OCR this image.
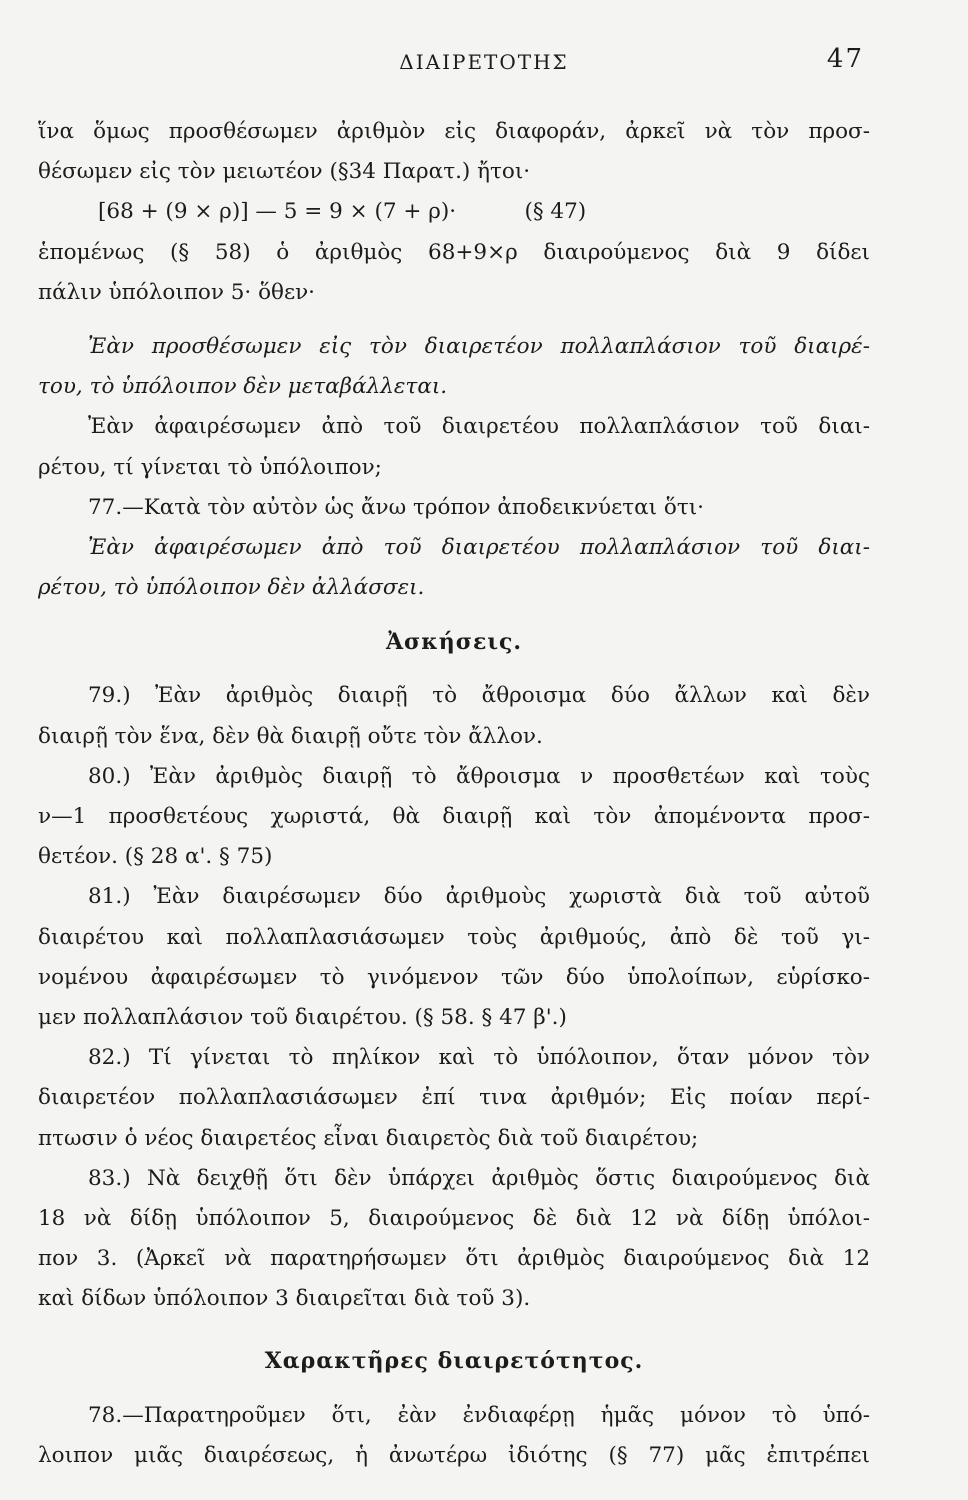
ΔΙΑΙΡΕΤΟΤΗΣ	47
ἵνα ὅμως προσθέσωμεν ἀριθμὸν εἰς διαφοράν, ἀρκεῖ νὰ τὸν προσ-
θέσωμεν εἰς τὸν μειωτέον (§34 Παρατ.) ἤτοι·
[68 + (9 × ρ)] — 5 = 9 × (7 + ρ)·          (§ 47)
ἑπομένως (§ 58) ὁ ἀριθμὸς 68+9×ρ διαιρούμενος διὰ 9 δίδει
πάλιν ὑπόλοιπον 5· ὅθεν·
Ἐὰν προσθέσωμεν εἰς τὸν διαιρετέον πολλαπλάσιον τοῦ διαιρέ-
του, τὸ ὑπόλοιπον δὲν μεταβάλλεται.
Ἐὰν ἀφαιρέσωμεν ἀπὸ τοῦ διαιρετέου πολλαπλάσιον τοῦ διαι-
ρέτου, τί γίνεται τὸ ὑπόλοιπον;
77.—Κατὰ τὸν αὐτὸν ὡς ἄνω τρόπον ἀποδεικνύεται ὅτι·
Ἐὰν ἀφαιρέσωμεν ἀπὸ τοῦ διαιρετέου πολλαπλάσιον τοῦ διαι-
ρέτου, τὸ ὑπόλοιπον δὲν ἀλλάσσει.
Ἀσκήσεις.
79.) Ἐὰν ἀριθμὸς διαιρῇ τὸ ἄθροισμα δύο ἄλλων καὶ δὲν
διαιρῇ τὸν ἕνα, δὲν θὰ διαιρῇ οὔτε τὸν ἄλλον.
80.) Ἐὰν ἀριθμὸς διαιρῇ τὸ ἄθροισμα ν προσθετέων καὶ τοὺς
ν—1 προσθετέους χωριστά, θὰ διαιρῇ καὶ τὸν ἀπομένοντα προσ-
θετέον. (§ 28 α'. § 75)
81.) Ἐὰν διαιρέσωμεν δύο ἀριθμοὺς χωριστὰ διὰ τοῦ αὐτοῦ
διαιρέτου καὶ πολλαπλασιάσωμεν τοὺς ἀριθμούς, ἀπὸ δὲ τοῦ γι-
νομένου ἀφαιρέσωμεν τὸ γινόμενον τῶν δύο ὑπολοίπων, εὑρίσκο-
μεν πολλαπλάσιον τοῦ διαιρέτου. (§ 58. § 47 β'.)
82.) Τί γίνεται τὸ πηλίκον καὶ τὸ ὑπόλοιπον, ὅταν μόνον τὸν
διαιρετέον πολλαπλασιάσωμεν ἐπί τινα ἀριθμόν; Εἰς ποίαν περί-
πτωσιν ὁ νέος διαιρετέος εἶναι διαιρετὸς διὰ τοῦ διαιρέτου;
83.) Νὰ δειχθῇ ὅτι δὲν ὑπάρχει ἀριθμὸς ὅστις διαιρούμενος διὰ
18 νὰ δίδῃ ὑπόλοιπον 5, διαιρούμενος δὲ διὰ 12 νὰ δίδῃ ὑπόλοι-
πον 3. (Ἀρκεῖ νὰ παρατηρήσωμεν ὅτι ἀριθμὸς διαιρούμενος διὰ 12
καὶ δίδων ὑπόλοιπον 3 διαιρεῖται διὰ τοῦ 3).
Χαρακτῆρες διαιρετότητος.
78.—Παρατηροῦμεν ὅτι, ἐὰν ἐνδιαφέρῃ ἡμᾶς μόνον τὸ ὑπό-
λοιπον μιᾶς διαιρέσεως, ἡ ἀνωτέρω ἰδιότης (§ 77) μᾶς ἐπιτρέπει
